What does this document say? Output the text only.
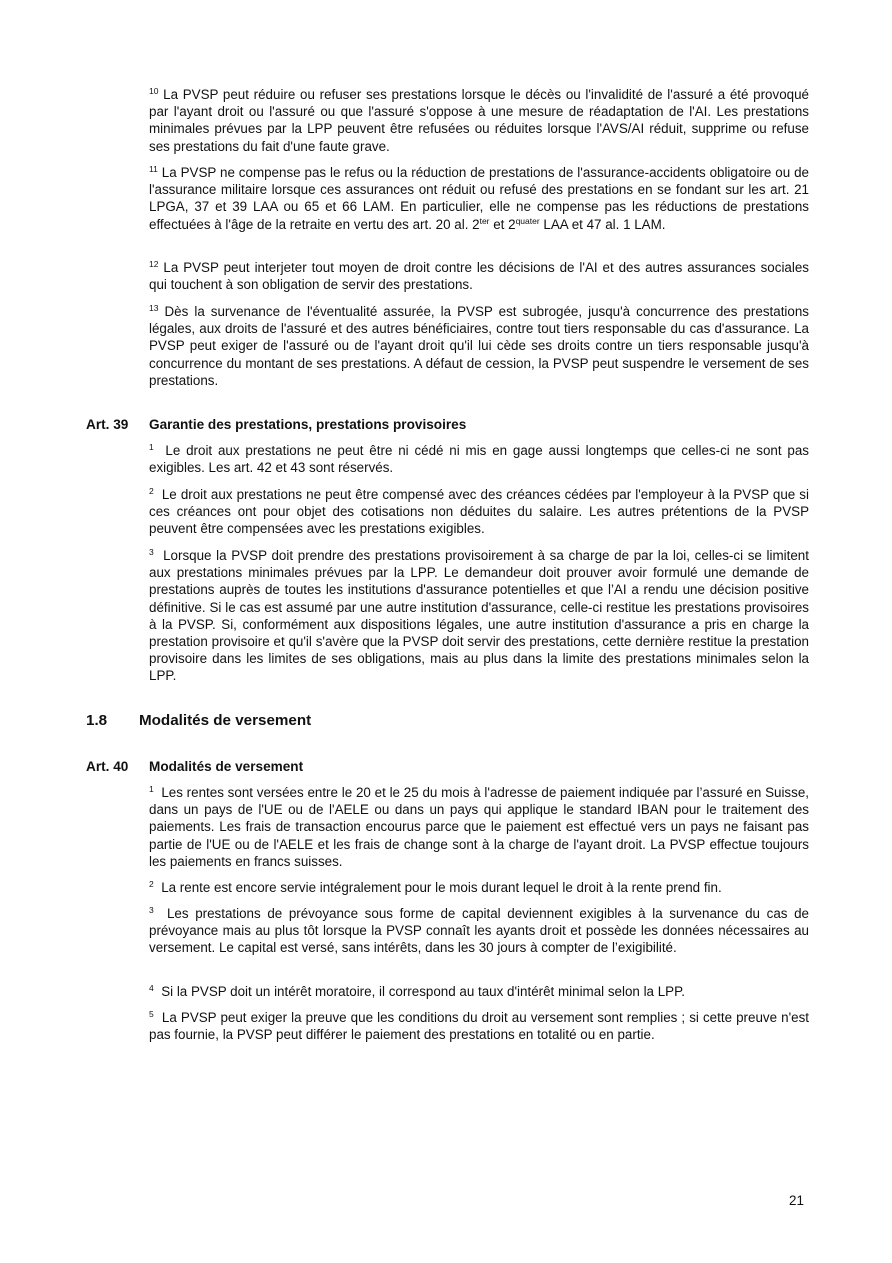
$^{10}$ La PVSP peut réduire ou refuser ses prestations lorsque le décès ou l'invalidité de l'assuré a été provoqué par l'ayant droit ou l'assuré ou que l'assuré s'oppose à une mesure de réadaptation de l'AI. Les prestations minimales prévues par la LPP peuvent être refusées ou réduites lorsque l'AVS/AI réduit, supprime ou refuse ses prestations du fait d'une faute grave.

$^{11}$ La PVSP ne compense pas le refus ou la réduction de prestations de l'assurance-accidents obligatoire ou de l'assurance militaire lorsque ces assurances ont réduit ou refusé des prestations en se fondant sur les art. 21 LPGA, 37 et 39 LAA ou 65 et 66 LAM. En particulier, elle ne compense pas les réductions de prestations effectuées à l'âge de la retraite en vertu des art. 20 al. $2^{ter}$ et $2^{quater}$ LAA et 47 al. 1 LAM.

$^{12}$ La PVSP peut interjeter tout moyen de droit contre les décisions de l'AI et des autres assurances sociales qui touchent à son obligation de servir des prestations.

$^{13}$ Dès la survenance de l'éventualité assurée, la PVSP est subrogée, jusqu'à concurrence des prestations légales, aux droits de l'assuré et des autres bénéficiaires, contre tout tiers responsable du cas d'assurance. La PVSP peut exiger de l'assuré ou de l'ayant droit qu'il lui cède ses droits contre un tiers responsable jusqu'à concurrence du montant de ses prestations. A défaut de cession, la PVSP peut suspendre le versement de ses prestations.

Art. 39 Garantie des prestations, prestations provisoires

$^1$ Le droit aux prestations ne peut être ni cédé ni mis en gage aussi longtemps que celles-ci ne sont pas exigibles. Les art. 42 et 43 sont réservés.

$^2$ Le droit aux prestations ne peut être compensé avec des créances cédées par l'employeur à la PVSP que si ces créances ont pour objet des cotisations non déduites du salaire. Les autres prétentions de la PVSP peuvent être compensées avec les prestations exigibles.

$^3$ Lorsque la PVSP doit prendre des prestations provisoirement à sa charge de par la loi, celles-ci se limitent aux prestations minimales prévues par la LPP. Le demandeur doit prouver avoir formulé une demande de prestations auprès de toutes les institutions d'assurance potentielles et que l’AI a rendu une décision positive définitive. Si le cas est assumé par une autre institution d'assurance, celle-ci restitue les prestations provisoires à la PVSP. Si, conformément aux dispositions légales, une autre institution d'assurance a pris en charge la prestation provisoire et qu'il s'avère que la PVSP doit servir des prestations, cette dernière restitue la prestation provisoire dans les limites de ses obligations, mais au plus dans la limite des prestations minimales selon la LPP.

1.8 Modalités de versement
Art. 40 Modalités de versement

$^1$ Les rentes sont versées entre le 20 et le 25 du mois à l'adresse de paiement indiquée par l’assuré en Suisse, dans un pays de l'UE ou de l'AELE ou dans un pays qui applique le standard IBAN pour le traitement des paiements. Les frais de transaction encourus parce que le paiement est effectué vers un pays ne faisant pas partie de l'UE ou de l'AELE et les frais de change sont à la charge de l'ayant droit. La PVSP effectue toujours les paiements en francs suisses.

$^2$ La rente est encore servie intégralement pour le mois durant lequel le droit à la rente prend fin.

$^3$ Les prestations de prévoyance sous forme de capital deviennent exigibles à la survenance du cas de prévoyance mais au plus tôt lorsque la PVSP connaît les ayants droit et possède les données nécessaires au versement. Le capital est versé, sans intérêts, dans les 30 jours à compter de l’exigibilité.

$^4$ Si la PVSP doit un intérêt moratoire, il correspond au taux d'intérêt minimal selon la LPP.

$^5$ La PVSP peut exiger la preuve que les conditions du droit au versement sont remplies ; si cette preuve n'est pas fournie, la PVSP peut différer le paiement des prestations en totalité ou en partie.

21
